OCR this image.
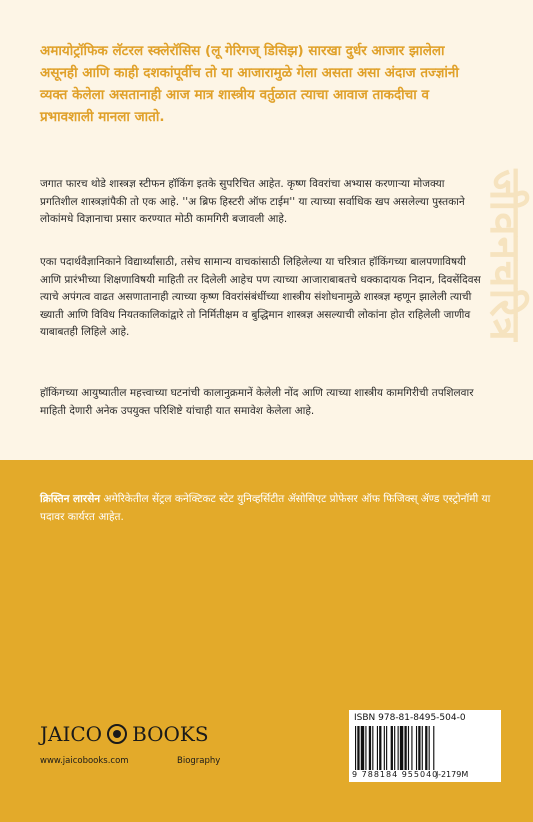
अमायोट्रॉफिक लॅटरल स्क्लेरॉसिस (लू गेरिगज् डिसिझ) सारखा दुर्धर आजार झालेला असूनही आणि काही दशकांपूर्वीच तो या आजारामुळे गेला असता असा अंदाज तज्ज्ञांनी व्यक्त केलेला असतानाही आज मात्र शास्त्रीय वर्तुळात त्याचा आवाज ताकदीचा व प्रभावशाली मानला जातो.
जगात फारच थोडे शास्त्रज्ञ स्टीफन हॉकिंग इतके सुपरिचित आहेत. कृष्ण विवरांचा अभ्यास करणाऱ्या मोजक्या प्रगतिशील शास्त्रज्ञांपैकी तो एक आहे. ''अ ब्रिफ हिस्टरी ऑफ टाईम'' या त्याच्या सर्वाधिक खप असलेल्या पुस्तकाने लोकांमधे विज्ञानाचा प्रसार करण्यात मोठी कामगिरी बजावली आहे.
एका पदार्थवैज्ञानिकाने विद्यार्थ्यांसाठी, तसेच सामान्य वाचकांसाठी लिहिलेल्या या चरित्रात हॉकिंगच्या बालपणाविषयी आणि प्रारंभीच्या शिक्षणाविषयी माहिती तर दिलेली आहेच पण त्याच्या आजाराबाबतचे धक्कादायक निदान, दिवसेंदिवस त्याचे अपंगत्व वाढत असणातानाही त्याच्या कृष्ण विवरांसंबंधींच्या शास्त्रीय संशोधनामुळे शास्त्रज्ञ म्हणून झालेली त्याची ख्याती आणि विविध नियतकालिकांद्वारे तो निर्मितीक्षम व बुद्धिमान शास्त्रज्ञ असल्याची लोकांना होत राहिलेली जाणीव याबाबतही लिहिले आहे.
हॉकिंगच्या आयुष्यातील महत्त्वाच्या घटनांची कालानुक्रमानें केलेली नोंद आणि त्याच्या शास्त्रीय कामगिरीची तपशिलवार माहिती देणारी अनेक उपयुक्त परिशिष्टे यांचाही यात समावेश केलेला आहे.
जीवनचरित्र
क्रिस्तिन लारसेन अमेरिकेतील सेंट्रल कनेक्टिकट स्टेट युनिव्हर्सिटीत ॲसोसिएट प्रोफेसर ऑफ फिजिक्स् ॲण्ड एस्ट्रोनॉमी या पदावर कार्यरत आहेत.
JAICO BOOKS
www.jaicobooks.com	Biography
ISBN 978-81-8495-504-0
9 788184 955040
J-2179M
